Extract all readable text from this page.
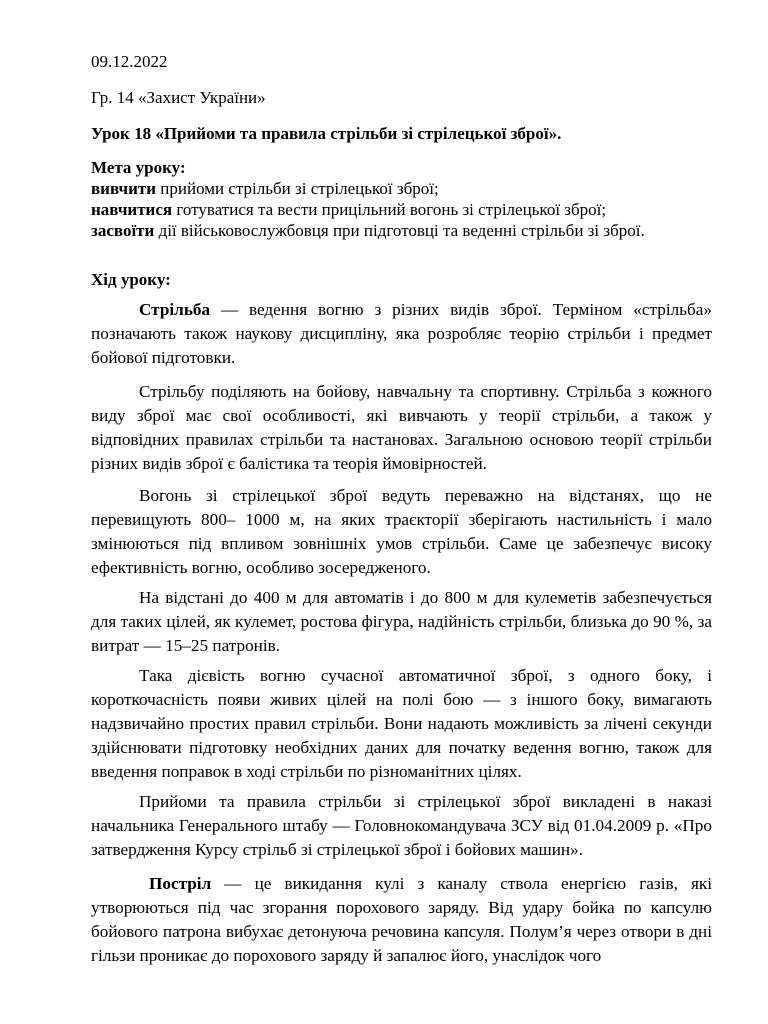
09.12.2022
Гр. 14 «Захист України»
Урок 18 «Прийоми та правила стрільби зі стрілецької зброї».
Мета уроку:
вивчити прийоми стрільби зі стрілецької зброї;
навчитися готуватися та вести прицільний вогонь зі стрілецької зброї;
засвоїти дії військовослужбовця при підготовці та веденні стрільби зі зброї.
Хід уроку:

Стрільба — ведення вогню з різних видів зброї. Терміном «стрільба» позначають також наукову дисципліну, яка розробляє теорію стрільби і предмет бойової підготовки.

Стрільбу поділяють на бойову, навчальну та спортивну. Стрільба з кожного виду зброї має свої особливості, які вивчають у теорії стрільби, а також у відповідних правилах стрільби та настановах. Загальною основою теорії стрільби різних видів зброї є балістика та теорія ймовірностей.

Вогонь зі стрілецької зброї ведуть переважно на відстанях, що не перевищують 800– 1000 м, на яких траєкторії зберігають настильність і мало змінюються під впливом зовнішніх умов стрільби. Саме це забезпечує високу ефективність вогню, особливо зосередженого.

На відстані до 400 м для автоматів і до 800 м для кулеметів забезпечується для таких цілей, як кулемет, ростова фігура, надійність стрільби, близька до 90 %, за витрат — 15–25 патронів.

Така дієвість вогню сучасної автоматичної зброї, з одного боку, і короткочасність появи живих цілей на полі бою — з іншого боку, вимагають надзвичайно простих правил стрільби. Вони надають можливість за лічені секунди здійснювати підготовку необхідних даних для початку ведення вогню, також для введення поправок в ході стрільби по різноманітних цілях.

Прийоми та правила стрільби зі стрілецької зброї викладені в наказі начальника Генерального штабу — Головнокомандувача ЗСУ від 01.04.2009 р. «Про затвердження Курсу стрільб зі стрілецької зброї і бойових машин».

Постріл — це викидання кулі з каналу ствола енергією газів, які утворюються під час згорання порохового заряду. Від удару бойка по капсулю бойового патрона вибухає детонуюча речовина капсуля. Полум’я через отвори в дні гільзи проникає до порохового заряду й запалює його, унаслідок чого
